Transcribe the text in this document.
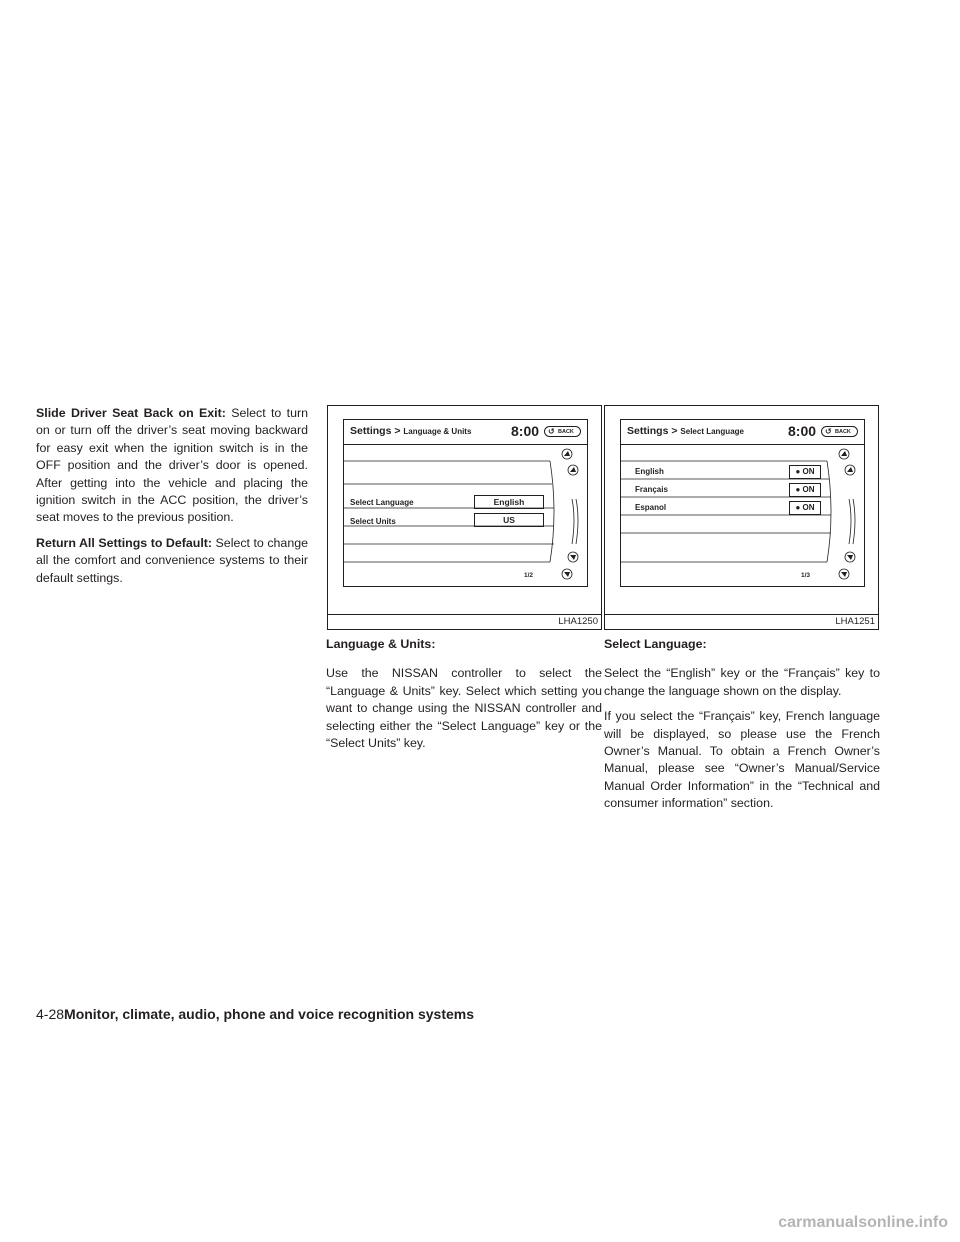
Slide Driver Seat Back on Exit: Select to turn on or turn off the driver’s seat moving backward for easy exit when the ignition switch is in the OFF position and the driver’s door is opened. After getting into the vehicle and placing the ignition switch in the ACC position, the driver’s seat moves to the previous position.

Return All Settings to Default: Select to change all the comfort and convenience systems to their default settings.

Settings > Language & Units	8:00 ↺ BACK
Select Language	English
Select Units	US
1/2
LHA1250
Settings > Select Language	8:00 ↺ BACK
English	● ON
Français	● ON
Espanol	● ON
1/3
LHA1251

Language & Units:

Use the NISSAN controller to select the “Language & Units” key. Select which setting you want to change using the NISSAN controller and selecting either the “Select Language” key or the “Select Units” key.

Select Language:

Select the “English” key or the “Français” key to change the language shown on the display.

If you select the “Français” key, French language will be displayed, so please use the French Owner’s Manual. To obtain a French Owner’s Manual, please see “Owner’s Manual/Service Manual Order Information” in the “Technical and consumer information” section.

4-28Monitor, climate, audio, phone and voice recognition systems
carmanualsonline.info
